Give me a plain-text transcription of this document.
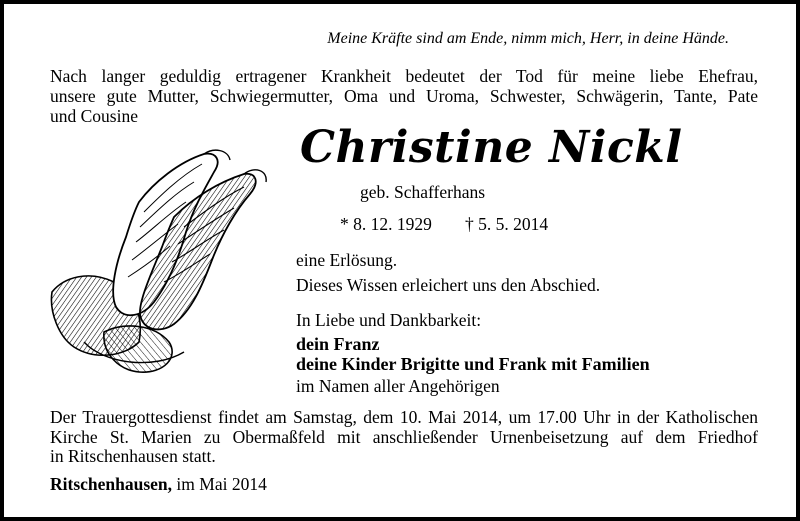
Meine Kräfte sind am Ende, nimm mich, Herr, in deine Hände.
Nach langer geduldig ertragener Krankheit bedeutet der Tod für meine liebe Ehefrau,
unsere gute Mutter, Schwiegermutter, Oma und Uroma, Schwester, Schwägerin, Tante, Pate
und Cousine
Christine Nickl
geb. Schafferhans
* 8. 12. 1929 † 5. 5. 2014
eine Erlösung.
Dieses Wissen erleichert uns den Abschied.
In Liebe und Dankbarkeit:
dein Franz
deine Kinder Brigitte und Frank mit Familien
im Namen aller Angehörigen
Der Trauergottesdienst findet am Samstag, dem 10. Mai 2014, um 17.00 Uhr in der Katholischen
Kirche St. Marien zu Obermaßfeld mit anschließender Urnenbeisetzung auf dem Friedhof
in Ritschenhausen statt.
Ritschenhausen, im Mai 2014
